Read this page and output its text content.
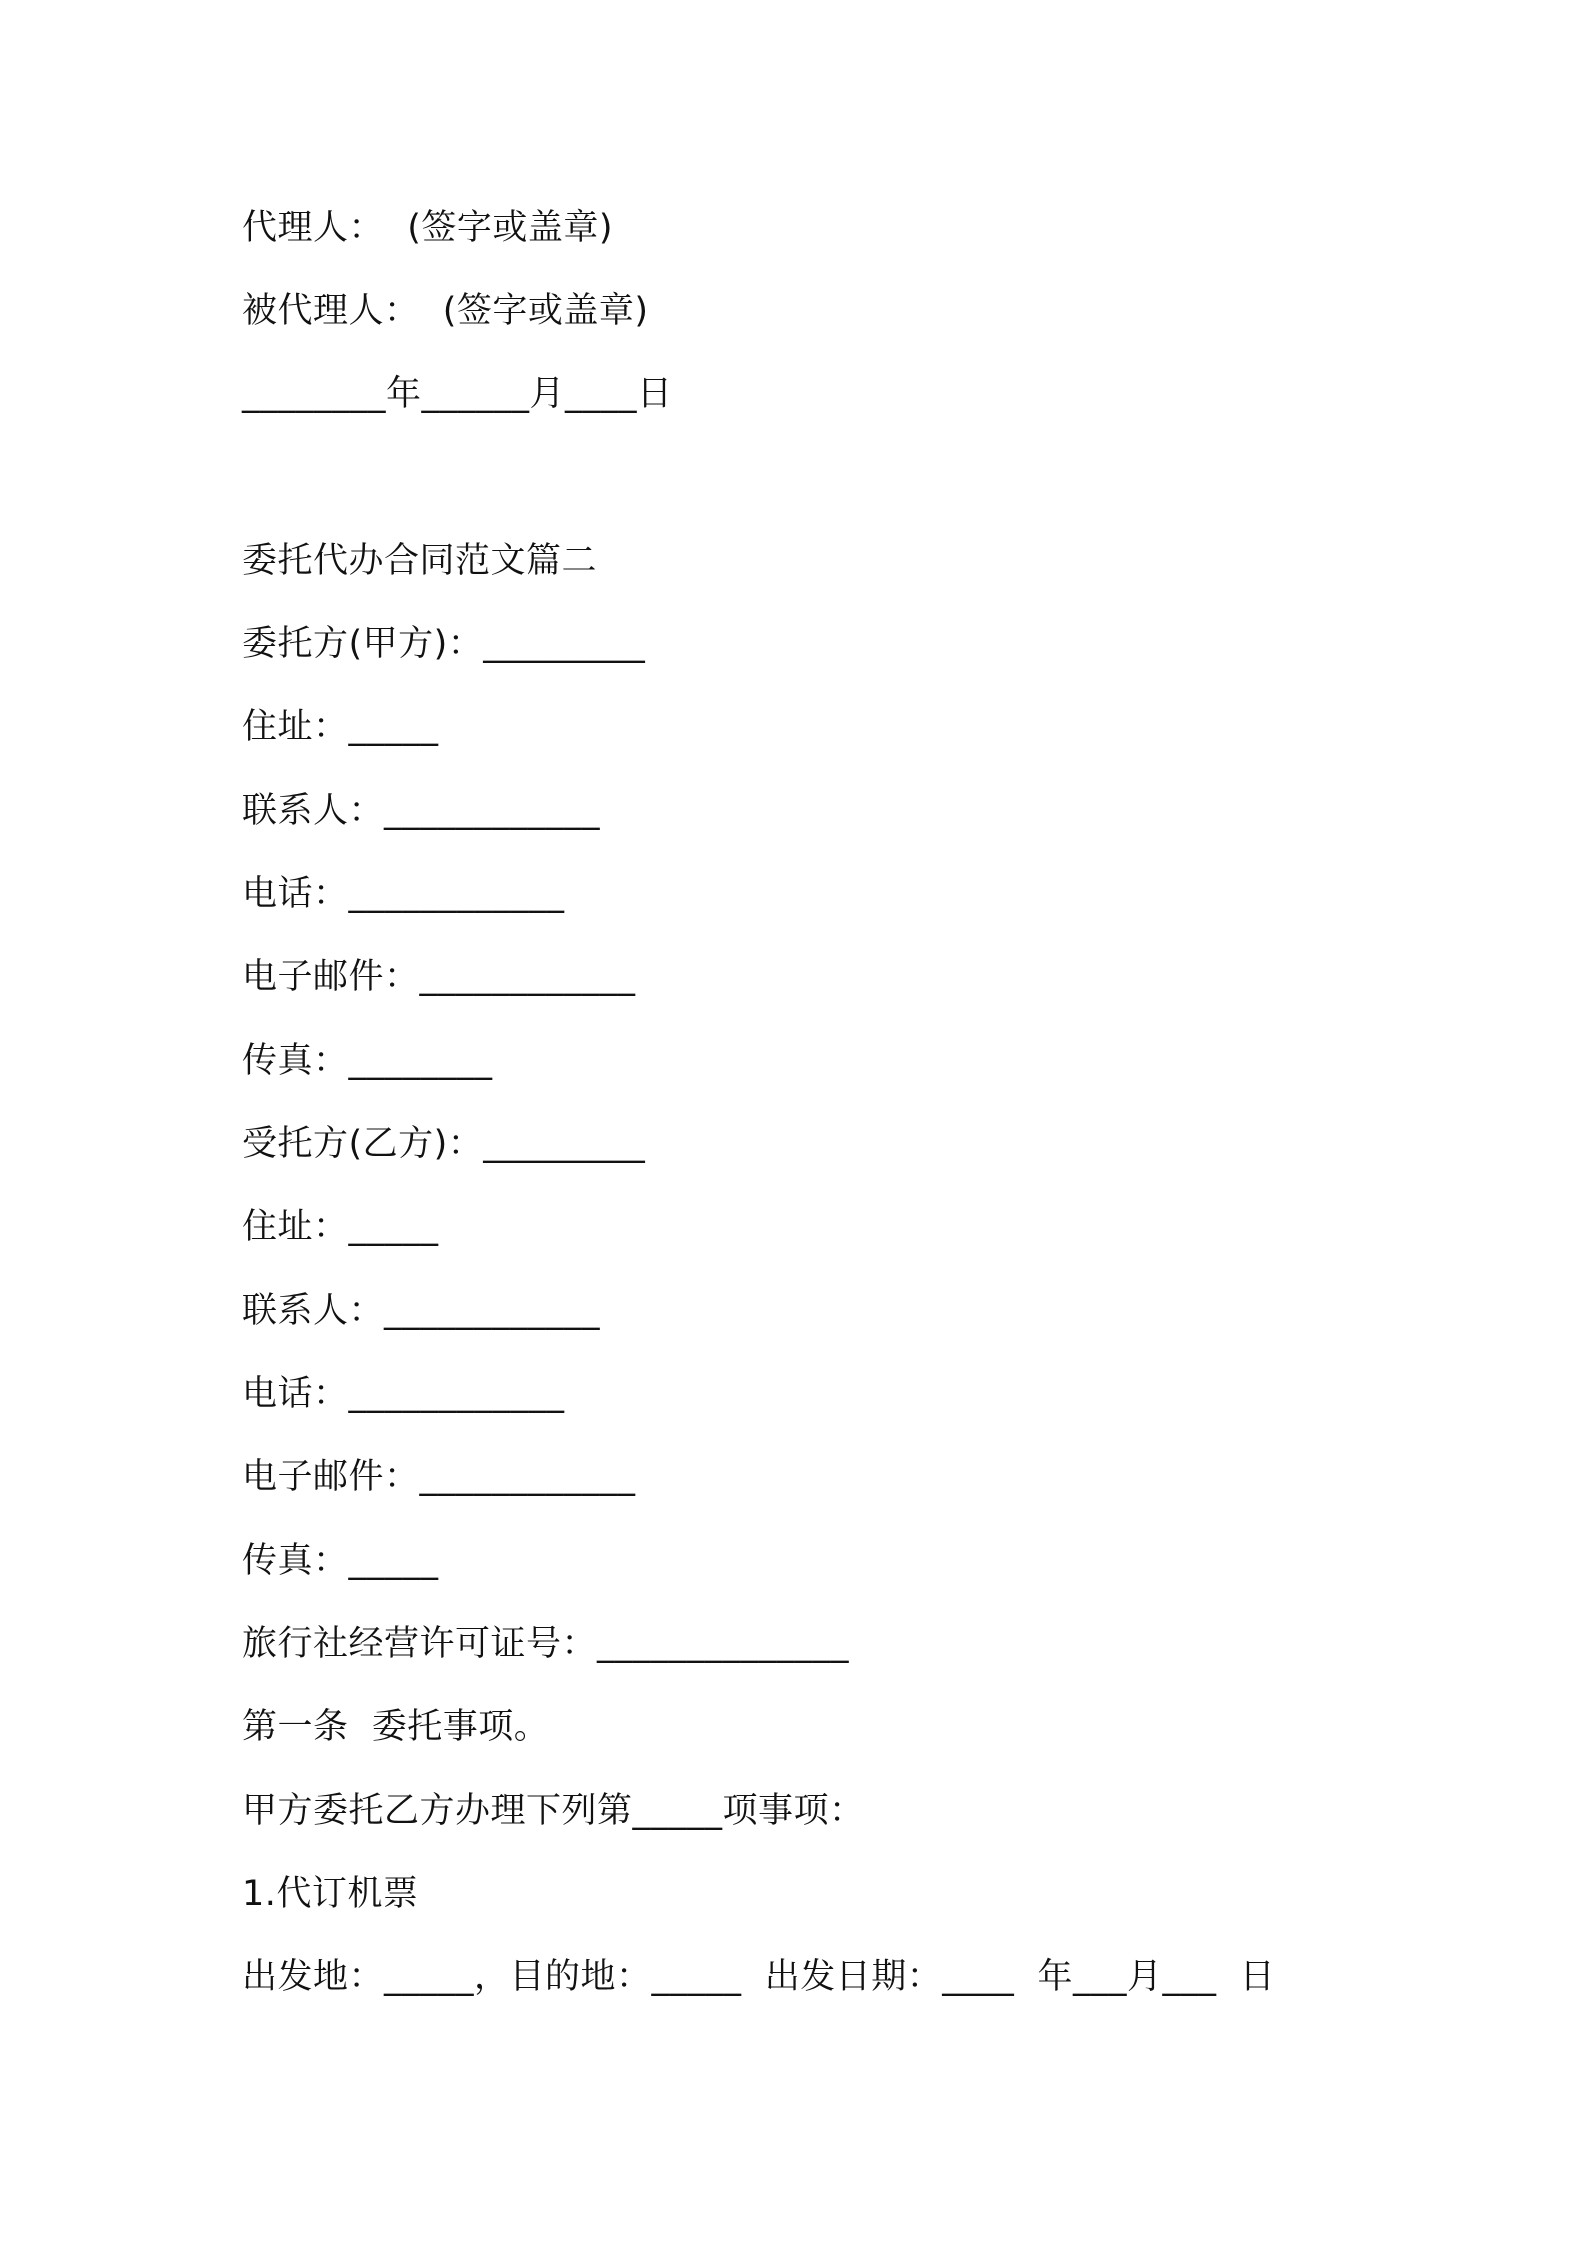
代理人：  (签字或盖章)
被代理人：  (签字或盖章)
________年______月____日
委托代办合同范文篇二
委托方(甲方)：_________
住址：_____
联系人：____________
电话：____________
电子邮件：____________
传真：________
受托方(乙方)：_________
住址：_____
联系人：____________
电话：____________
电子邮件：____________
传真：_____
旅行社经营许可证号：______________
第一条  委托事项。
甲方委托乙方办理下列第_____项事项：
1.代订机票
出发地：_____，目的地：_____  出发日期：____  年___月___  日
